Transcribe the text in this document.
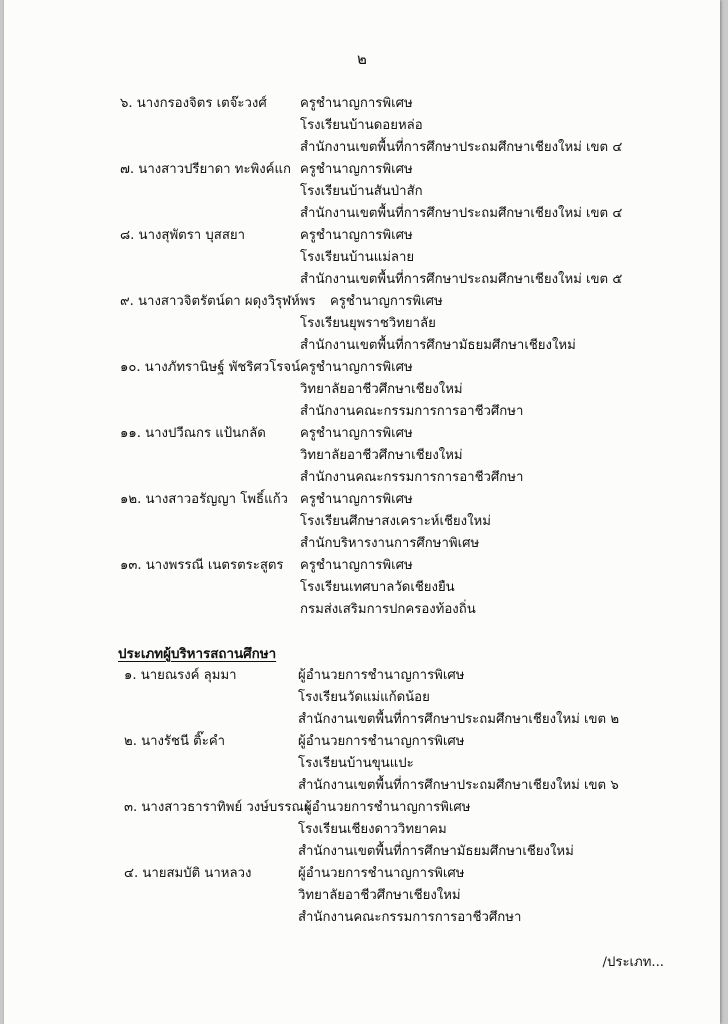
๒
๖. นางกรองจิตร เตจ๊ะวงศ์	ครูชำนาญการพิเศษ
โรงเรียนบ้านดอยหล่อ
สำนักงานเขตพื้นที่การศึกษาประถมศึกษาเชียงใหม่ เขต ๔
๗. นางสาวปรียาดา ทะพิงค์แก ครูชำนาญการพิเศษ
โรงเรียนบ้านสันป่าสัก
สำนักงานเขตพื้นที่การศึกษาประถมศึกษาเชียงใหม่ เขต ๔
๘. นางสุพัตรา บุสสยา	ครูชำนาญการพิเศษ
โรงเรียนบ้านแม่ลาย
สำนักงานเขตพื้นที่การศึกษาประถมศึกษาเชียงใหม่ เขต ๕
๙. นางสาวจิตรัตน์ดา ผดุงวิรุฬห์พร ครูชำนาญการพิเศษ
โรงเรียนยุพราชวิทยาลัย
สำนักงานเขตพื้นที่การศึกษามัธยมศึกษาเชียงใหม่
๑๐. นางภัทรานิษฐ์ พัชริศวโรจน์ ครูชำนาญการพิเศษ
วิทยาลัยอาชีวศึกษาเชียงใหม่
สำนักงานคณะกรรมการการอาชีวศึกษา
๑๑. นางปวีณกร แป้นกลัด	ครูชำนาญการพิเศษ
วิทยาลัยอาชีวศึกษาเชียงใหม่
สำนักงานคณะกรรมการการอาชีวศึกษา
๑๒. นางสาวอรัญญา โพธิ์แก้ว ครูชำนาญการพิเศษ
โรงเรียนศึกษาสงเคราะห์เชียงใหม่
สำนักบริหารงานการศึกษาพิเศษ
๑๓. นางพรรณี เนตรตระสูตร ครูชำนาญการพิเศษ
โรงเรียนเทศบาลวัดเชียงยืน
กรมส่งเสริมการปกครองท้องถิ่น
ประเภทผู้บริหารสถานศึกษา
๑. นายณรงค์ ลุมมา	ผู้อำนวยการชำนาญการพิเศษ
โรงเรียนวัดแม่แก้ดน้อย
สำนักงานเขตพื้นที่การศึกษาประถมศึกษาเชียงใหม่ เขต ๒
๒. นางรัชนี ติ๊ะคำ	ผู้อำนวยการชำนาญการพิเศษ
โรงเรียนบ้านขุนแปะ
สำนักงานเขตพื้นที่การศึกษาประถมศึกษาเชียงใหม่ เขต ๖
๓. นางสาวธาราทิพย์ วงษ์บรรณะ
ผู้อำนวยการชำนาญการพิเศษ
โรงเรียนเชียงดาววิทยาคม
สำนักงานเขตพื้นที่การศึกษามัธยมศึกษาเชียงใหม่
๔. นายสมบัติ นาหลวง	ผู้อำนวยการชำนาญการพิเศษ
วิทยาลัยอาชีวศึกษาเชียงใหม่
สำนักงานคณะกรรมการการอาชีวศึกษา
/ประเภท...
